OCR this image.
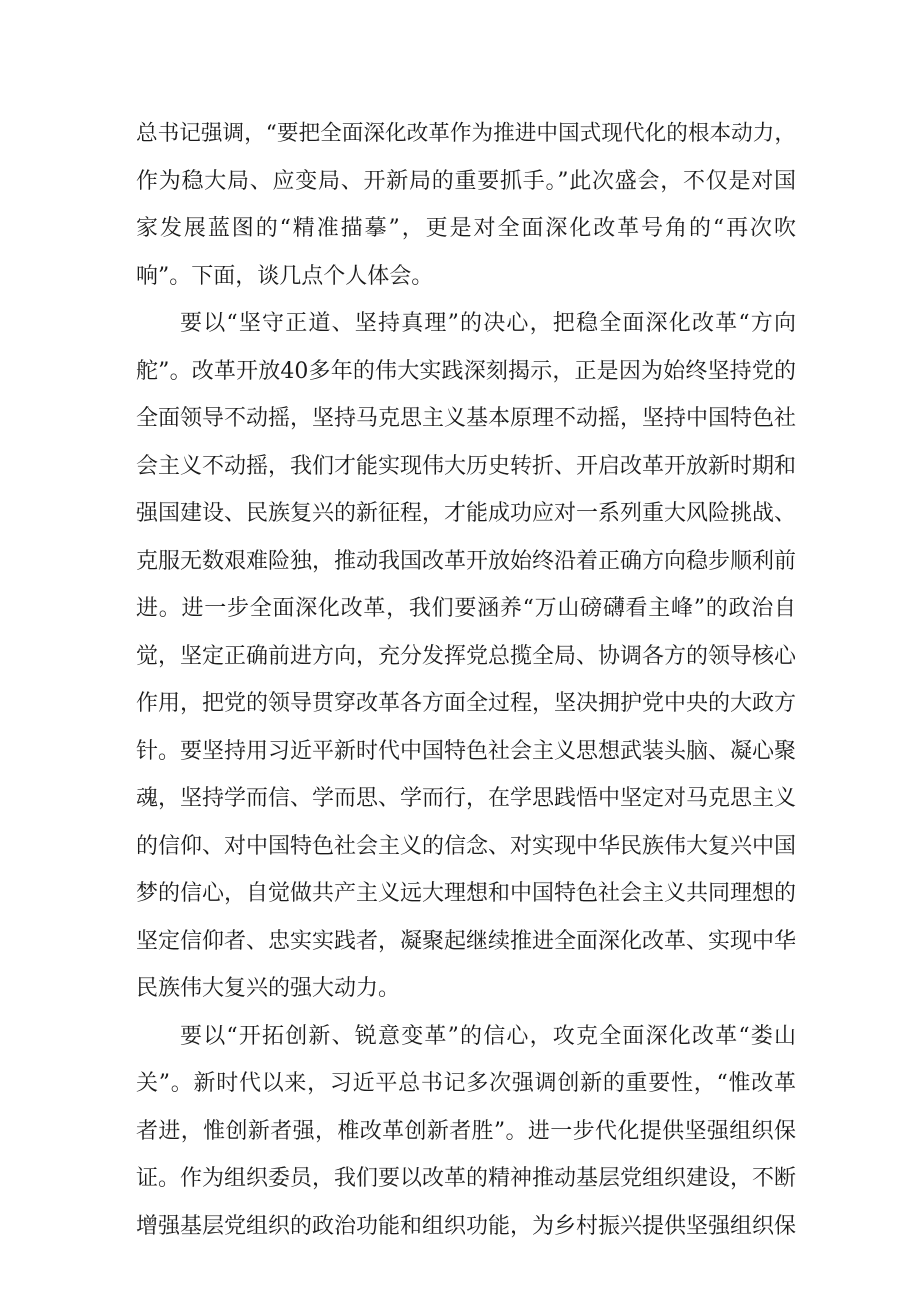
总书记强调，“要把全面深化改革作为推进中国式现代化的根本动力，
作为稳大局、应变局、开新局的重要抓手。”此次盛会，不仅是对国
家发展蓝图的“精准描摹”，更是对全面深化改革号角的“再次吹
响”。下面，谈几点个人体会。
要以“坚守正道、坚持真理”的决心，把稳全面深化改革“方向
舵”。改革开放40多年的伟大实践深刻揭示，正是因为始终坚持党的
全面领导不动摇，坚持马克思主义基本原理不动摇，坚持中国特色社
会主义不动摇，我们才能实现伟大历史转折、开启改革开放新时期和
强国建设、民族复兴的新征程，才能成功应对一系列重大风险挑战、
克服无数艰难险独，推动我国改革开放始终沿着正确方向稳步顺利前
进。进一步全面深化改革，我们要涵养“万山磅礴看主峰”的政治自
觉，坚定正确前进方向，充分发挥党总揽全局、协调各方的领导核心
作用，把党的领导贯穿改革各方面全过程，坚决拥护党中央的大政方
针。要坚持用习近平新时代中国特色社会主义思想武装头脑、凝心聚
魂，坚持学而信、学而思、学而行，在学思践悟中坚定对马克思主义
的信仰、对中国特色社会主义的信念、对实现中华民族伟大复兴中国
梦的信心，自觉做共产主义远大理想和中国特色社会主义共同理想的
坚定信仰者、忠实实践者，凝聚起继续推进全面深化改革、实现中华
民族伟大复兴的强大动力。
要以“开拓创新、锐意变革”的信心，攻克全面深化改革“娄山
关”。新时代以来，习近平总书记多次强调创新的重要性，“惟改革
者进，惟创新者强，椎改革创新者胜”。进一步代化提供坚强组织保
证。作为组织委员，我们要以改革的精神推动基层党组织建设，不断
增强基层党组织的政治功能和组织功能，为乡村振兴提供坚强组织保
